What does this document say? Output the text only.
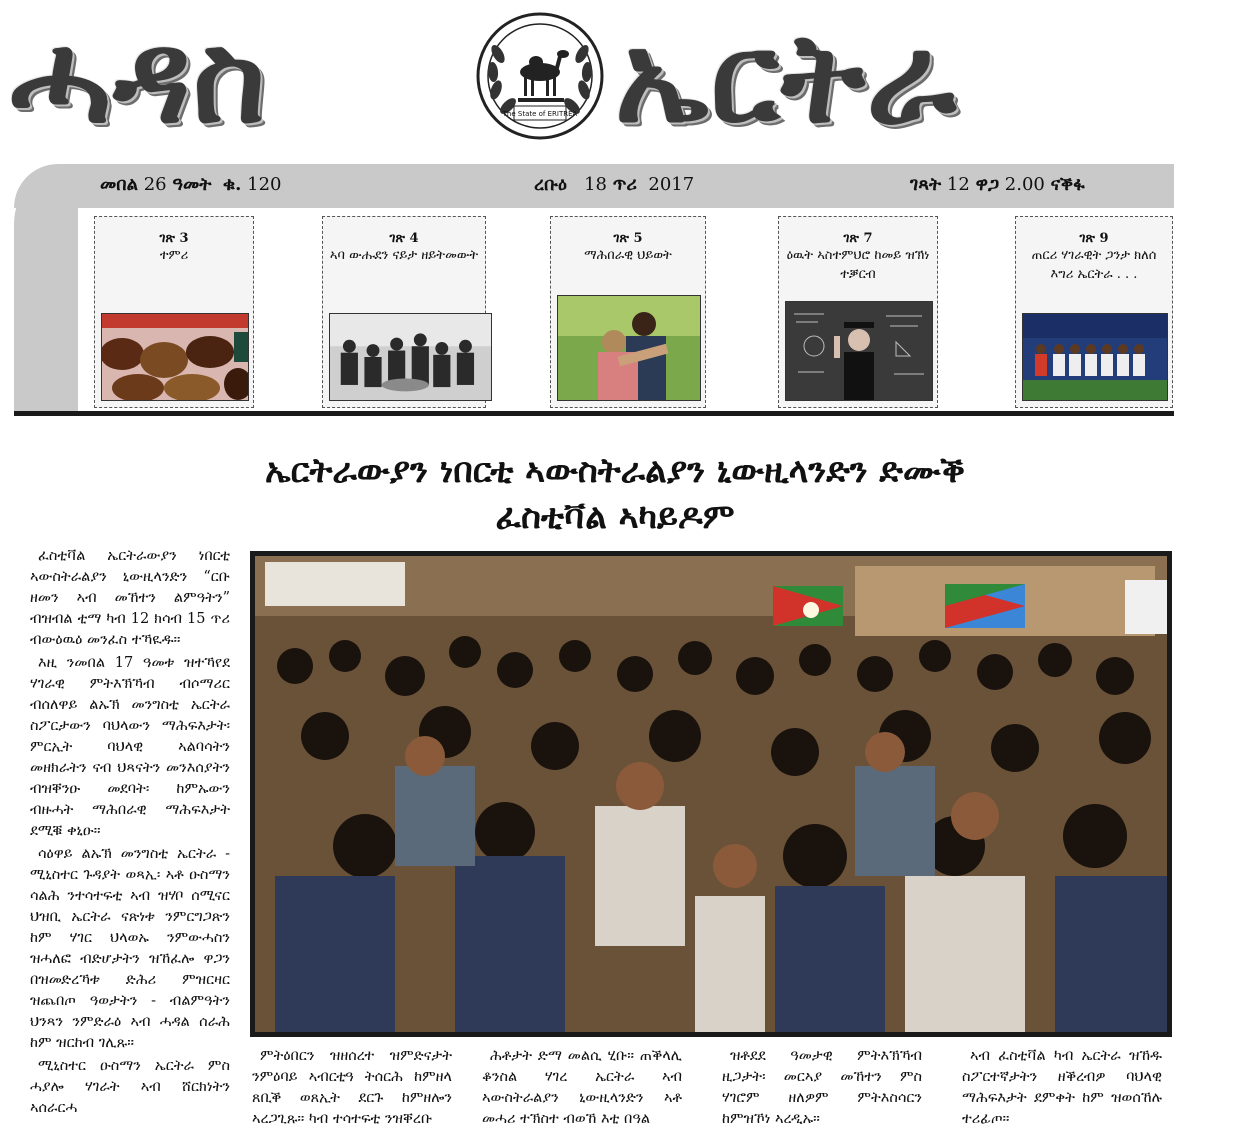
ሓዳስ	The State of ERITREA ኤርትራ
መበል 26 ዓመት ቁ. 120	ረቡዕ 18 ጥሪ 2017	ገጻት 12 ዋጋ 2.00 ናቕፋ
ገጽ 3
ተምሪ
ገጽ 4
ኣባ ውሑደን ናይታ ዘይትመውት
ገጽ 5
ማሕበራዊ ህይወት
ገጽ 7
ዕዉት ኣስተምህሮ ከመይ ዝኽነ ተቓርብ
ገጽ 9
ጠርሪ ሃገራዊት ጋንታ ክለሰ እግሪ ኤርትራ . . .
ኤርትራውያን ነበርቲ ኣውስትራልያን ኒውዚላንድን ድሙቕ
ፈስቲቫል ኣካይዶም

ፈስቲቫል ኤርትራውያን ነበርቲ ኣውስትራልያን ኒውዚላንድን “ርቡ ዘመን ኣብ መኸተን ልምዓትን” ብዝብል ቲማ ካብ 12 ክሳብ 15 ጥሪ ብውዕዉዕ መንፈስ ተኻዪዱ።

እዚ ንመበል 17 ዓመቱ ዝተኻየደ ሃገራዊ ምትእኽኻብ ብሶማሪር ብሰለዋይ ልኡኽ መንግስቲ ኤርትራ ስፖርታውን ባህላውን ማሕፍእታት፡ ምርኢት ባህላዊ ኣልባሳትን መዘክራትን ናብ ህጻናትን መንእሰያትን ብዝቐንዑ መደባት፡ ከምኡውን ብዙሓት ማሕበራዊ ማሕፍእታት ደሚቑ ቀኒዑ።

ሳዕዋይ ልኡኽ መንግስቲ ኤርትራ - ሚኒስተር ጉዳያት ወጻኢ፡ ኣቶ ዑስማን ሳልሕ ንተሳተፍቲ ኣብ ዝሃቦ ሰሚናር ህዝቢ ኤርትራ ናጽነቱ ንምርግጋጽን ከም ሃገር ህላወኡ ንምውሓስን ዝሓለፎ ብድሆታትን ዝኸፈሎ ዋጋን በዝመድረኻቱ ድሕሪ ምዝርዛር ዝጨበጦ ዓወታትን - ብልምዓትን ህንጻን ንምድራዕ ኣብ ሓዳል ሰራሕ ከም ዝርከብ ገሊጹ።

ሚኒስተር ዑስማን ኤርትራ ምስ ሓያሎ ሃገራት ኣብ ሸርክነትን ኣሰራርሓ

ምትዕበርን ዝዘሰረተ ዝምድናታት ንምዕባይ ኣብርቲዓ ትሰርሕ ከምዘላ ጸቢቕ ወጸኢት ደርጉ ከምዘሎን ኣረጋጊጹ። ካብ ተሳተፍቲ ንዝቐረቡ

ሕቶታት ድማ መልሲ ሂቡ። ጠቕላሊ ቆንስል ሃገረ ኤርትራ ኣብ ኣውስትራልያን ኒውዚላንድን ኣቶ መሓሪ ተኽስተ ብወኸ እቲ በዓል

ዝቶደደ ዓመታዊ ምትእኽኻብ ዚጋታት፡ መርኣያ መኸተን ምስ ሃገሮም ዘለዎም ምትእስሳርን ከምዝኾነ ኣረዲኡ።

ኣብ ፈስቲቫል ካብ ኤርትራ ዝኸዱ ስፖርተኛታትን ዘቕረብዎ ባህላዊ ማሕፍእታት ደምቀት ከም ዝወሰኸሉ ተሪፊጦ።
